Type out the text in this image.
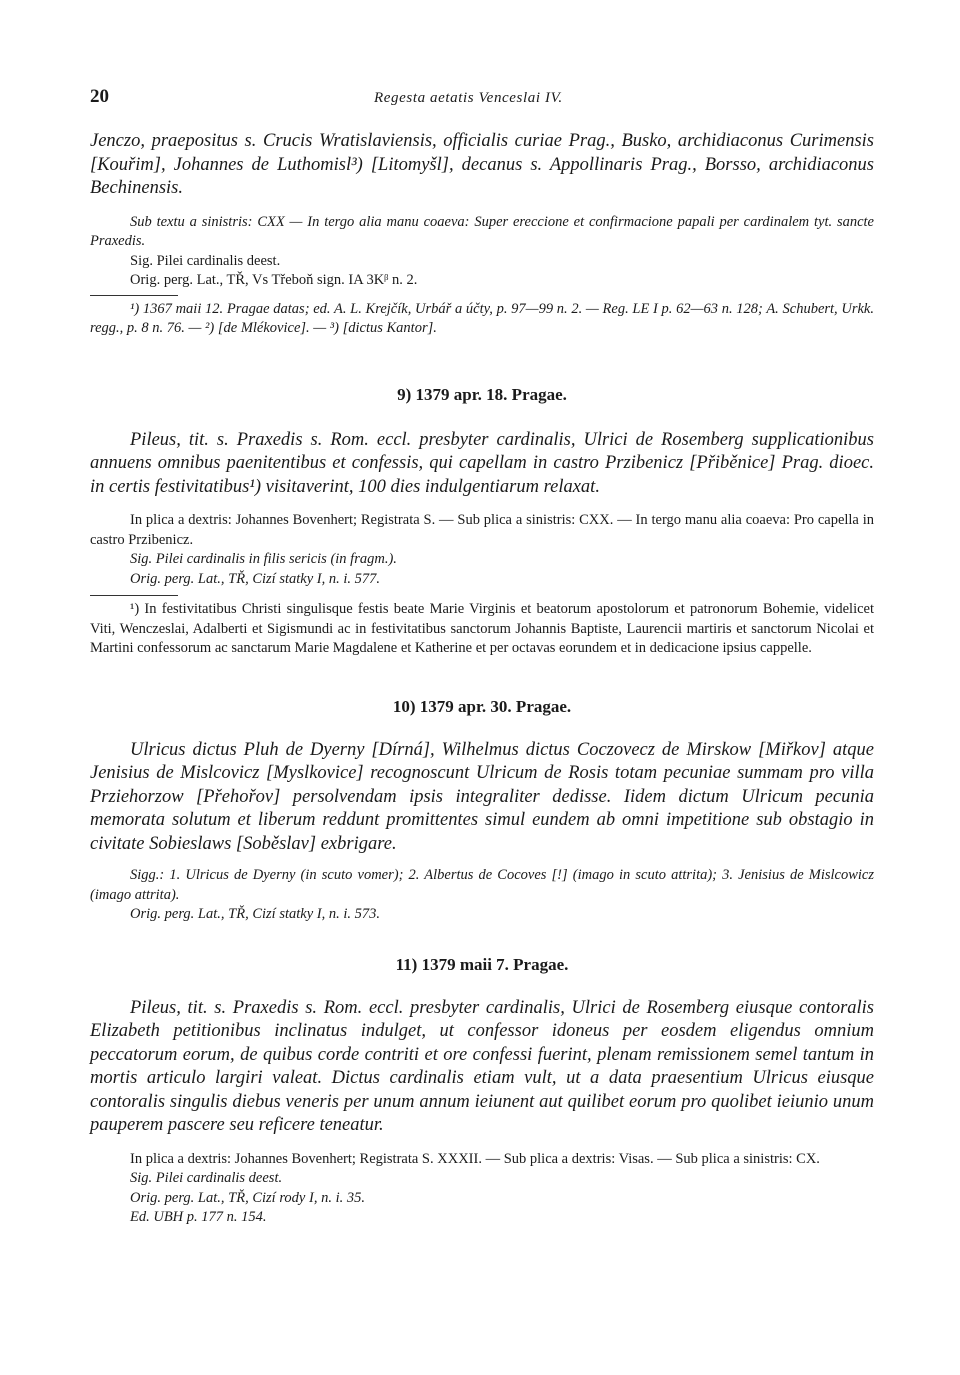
20	Regesta aetatis Venceslai IV.

Jenczo, praepositus s. Crucis Wratislaviensis, officialis curiae Prag., Busko, archidiaconus Curimensis [Kouřim], Johannes de Luthomisl³) [Litomyšl], decanus s. Appollinaris Prag., Borsso, archidiaconus Bechinensis.

Sub textu a sinistris: CXX — In tergo alia manu coaeva: Super ereccione et confirmacione papali per cardinalem tyt. sancte Praxedis.

Sig. Pilei cardinalis deest.

Orig. perg. Lat., TŘ, Vs Třeboň sign. IA 3Kᵝ n. 2.

¹) 1367 maii 12. Pragae datas; ed. A. L. Krejčík, Urbář a účty, p. 97—99 n. 2. — Reg. LE I p. 62—63 n. 128; A. Schubert, Urkk. regg., p. 8 n. 76. — ²) [de Mlékovice]. — ³) [dictus Kantor].

9) 1379 apr. 18. Pragae.

Pileus, tit. s. Praxedis s. Rom. eccl. presbyter cardinalis, Ulrici de Rosemberg supplicationibus annuens omnibus paenitentibus et confessis, qui capellam in castro Przibenicz [Přiběnice] Prag. dioec. in certis festivitatibus¹) visitaverint, 100 dies indulgentiarum relaxat.

In plica a dextris: Johannes Bovenhert; Registrata S. — Sub plica a sinistris: CXX. — In tergo manu alia coaeva: Pro capella in castro Przibenicz.

Sig. Pilei cardinalis in filis sericis (in fragm.).

Orig. perg. Lat., TŘ, Cizí statky I, n. i. 577.

¹) In festivitatibus Christi singulisque festis beate Marie Virginis et beatorum apostolorum et patronorum Bohemie, videlicet Viti, Wenczeslai, Adalberti et Sigismundi ac in festivitatibus sanctorum Johannis Baptiste, Laurencii martiris et sanctorum Nicolai et Martini confessorum ac sanctarum Marie Magdalene et Katherine et per octavas eorundem et in dedicacione ipsius cappelle.

10) 1379 apr. 30. Pragae.

Ulricus dictus Pluh de Dyerny [Dírná], Wilhelmus dictus Coczovecz de Mirskow [Miřkov] atque Jenisius de Mislcovicz [Myslkovice] recognoscunt Ulricum de Rosis totam pecuniae summam pro villa Prziehorzow [Přehořov] persolvendam ipsis integraliter dedisse. Iidem dictum Ulricum pecunia memorata solutum et liberum reddunt promittentes simul eundem ab omni impetitione sub obstagio in civitate Sobieslaws [Soběslav] exbrigare.

Sigg.: 1. Ulricus de Dyerny (in scuto vomer); 2. Albertus de Cocoves [!] (imago in scuto attrita); 3. Jenisius de Mislcowicz (imago attrita).

Orig. perg. Lat., TŘ, Cizí statky I, n. i. 573.

11) 1379 maii 7. Pragae.

Pileus, tit. s. Praxedis s. Rom. eccl. presbyter cardinalis, Ulrici de Rosemberg eiusque contoralis Elizabeth petitionibus inclinatus indulget, ut confessor idoneus per eosdem eligendus omnium peccatorum eorum, de quibus corde contriti et ore confessi fuerint, plenam remissionem semel tantum in mortis articulo largiri valeat. Dictus cardinalis etiam vult, ut a data praesentium Ulricus eiusque contoralis singulis diebus veneris per unum annum ieiunent aut quilibet eorum pro quolibet ieiunio unum pauperem pascere seu reficere teneatur.

In plica a dextris: Johannes Bovenhert; Registrata S. XXXII. — Sub plica a dextris: Visas. — Sub plica a sinistris: CX.

Sig. Pilei cardinalis deest.

Orig. perg. Lat., TŘ, Cizí rody I, n. i. 35.

Ed. UBH p. 177 n. 154.
